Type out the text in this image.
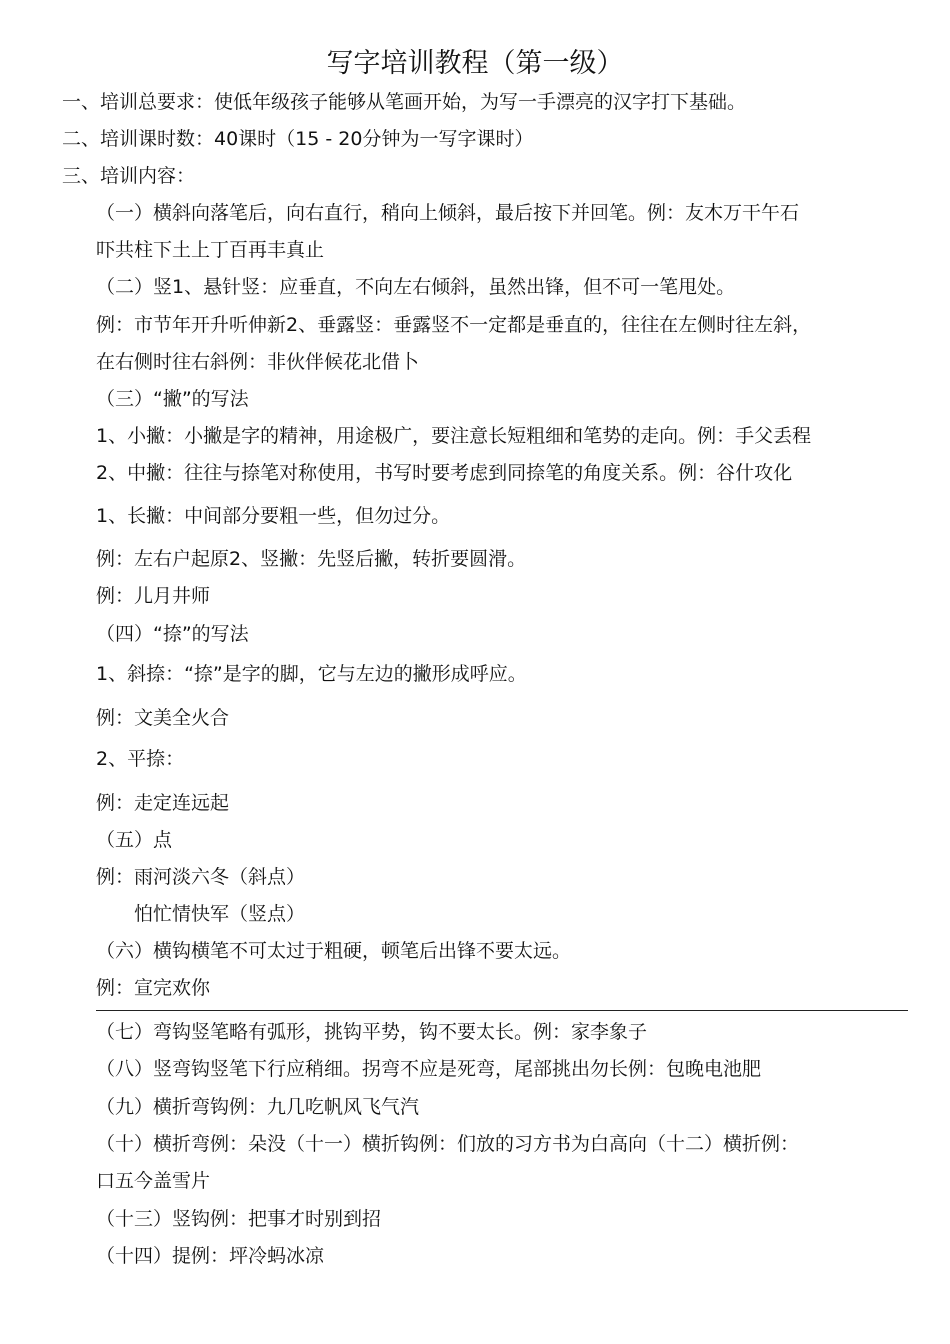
写字培训教程（第一级）
一、培训总要求：使低年级孩子能够从笔画开始，为写一手漂亮的汉字打下基础。
二、培训课时数：40课时（15 - 20分钟为一写字课时）
三、培训内容：
（一）横斜向落笔后，向右直行，稍向上倾斜，最后按下并回笔。例：友木万干午石
吓共柱下土上丁百再丰真止
（二）竖1、悬针竖：应垂直，不向左右倾斜，虽然出锋，但不可一笔甩处。
例：市节年开升听伸新2、垂露竖：垂露竖不一定都是垂直的，往往在左侧时往左斜，
在右侧时往右斜例：非伙伴候花北借卜
（三）“撇”的写法
1、小撇：小撇是字的精神，用途极广，要注意长短粗细和笔势的走向。例：手父丢程
2、中撇：往往与捺笔对称使用，书写时要考虑到同捺笔的角度关系。例：谷什攻化
1、长撇：中间部分要粗一些，但勿过分。
例：左右户起原2、竖撇：先竖后撇，转折要圆滑。
例：儿月井师
（四）“捺”的写法
1、斜捺：“捺”是字的脚，它与左边的撇形成呼应。
例：文美全火合
2、平捺：
例：走定连远起
（五）点
例：雨河淡六冬（斜点）
怕忙情快军（竖点）
（六）横钩横笔不可太过于粗硬，顿笔后出锋不要太远。
例：宣完欢你
（七）弯钩竖笔略有弧形，挑钩平势，钩不要太长。例：家李象子
（八）竖弯钩竖笔下行应稍细。拐弯不应是死弯，尾部挑出勿长例：包晚电池肥
（九）横折弯钩例：九几吃帆风飞气汽
（十）横折弯例：朵没（十一）横折钩例：们放的习方书为白高向（十二）横折例：
口五今盖雪片
（十三）竖钩例：把事才时别到招
（十四）提例：坪冷蚂冰凉
